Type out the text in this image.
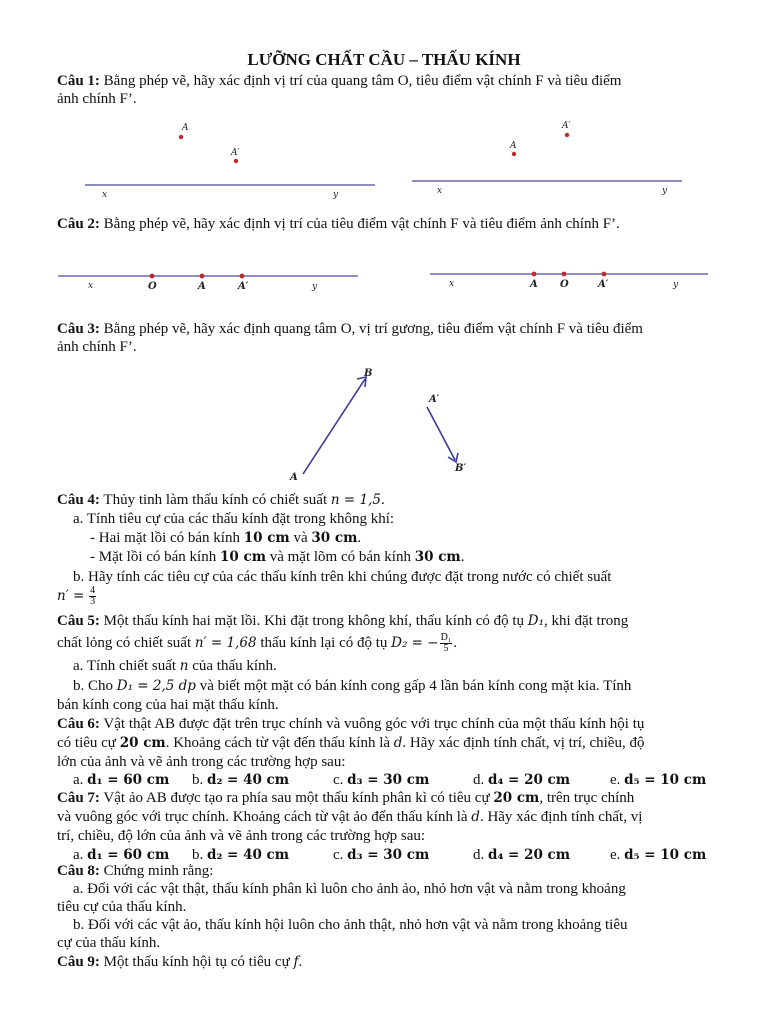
LƯỠNG CHẤT CẦU – THẤU KÍNH
Câu 1: Bằng phép vẽ, hãy xác định vị trí của quang tâm O, tiêu điểm vật chính F và tiêu điểm
ảnh chính F’.
A
A′
x	y
A
A′
x	y
Câu 2: Bằng phép vẽ, hãy xác định vị trí của tiêu điểm vật chính F và tiêu điểm ảnh chính F’.
x	O	A	A′	y	x	A O	A′	y
Câu 3: Bằng phép vẽ, hãy xác định quang tâm O, vị trí gương, tiêu điểm vật chính F và tiêu điểm
ảnh chính F’.
A
B
A′
B′
Câu 4: Thủy tinh làm thấu kính có chiết suất n = 1,5.
a. Tính tiêu cự của các thấu kính đặt trong không khí:
- Hai mặt lồi có bán kính 10 cm và 30 cm.
- Mặt lồi có bán kính 10 cm và mặt lõm có bán kính 30 cm.
b. Hãy tính các tiêu cự của các thấu kính trên khi chúng được đặt trong nước có chiết suất
$n' = \frac{4}{3}$
Câu 5: Một thấu kính hai mặt lồi. Khi đặt trong không khí, thấu kính có độ tụ D₁, khi đặt trong
chất lỏng có chiết suất n′ = 1,68 thấu kính lại có độ tụ D₂ = − $\frac{\text{D₁}}{5}$ .
a. Tính chiết suất n của thấu kính.
b. Cho D₁ = 2,5 dp và biết một mặt có bán kính cong gấp 4 lần bán kính cong mặt kia. Tính
bán kính cong của hai mặt thấu kính.
Câu 6: Vật thật AB được đặt trên trục chính và vuông góc với trục chính của một thấu kính hội tụ
có tiêu cự 20 cm. Khoảng cách từ vật đến thấu kính là d. Hãy xác định tính chất, vị trí, chiều, độ
lớn của ảnh và vẽ ảnh trong các trường hợp sau:
a. d₁ = 60 cm b. d₂ = 40 cm	c. d₃ = 30 cm	d. d₄ = 20 cm	e. d₅ = 10 cm
Câu 7: Vật ảo AB được tạo ra phía sau một thấu kính phân kì có tiêu cự 20 cm, trên trục chính
và vuông góc với trục chính. Khoảng cách từ vật ảo đến thấu kính là d. Hãy xác định tính chất, vị
trí, chiều, độ lớn của ảnh và vẽ ảnh trong các trường hợp sau:
a. d₁ = 60 cm b. d₂ = 40 cm	c. d₃ = 30 cm	d. d₄ = 20 cm	e. d₅ = 10 cm
Câu 8: Chứng minh rằng:
a. Đối với các vật thật, thấu kính phân kì luôn cho ảnh ảo, nhỏ hơn vật và nằm trong khoảng
tiêu cự của thấu kính.
b. Đối với các vật ảo, thấu kính hội luôn cho ảnh thật, nhỏ hơn vật và nằm trong khoảng tiêu
cự của thấu kính.
Câu 9: Một thấu kính hội tụ có tiêu cự f.
